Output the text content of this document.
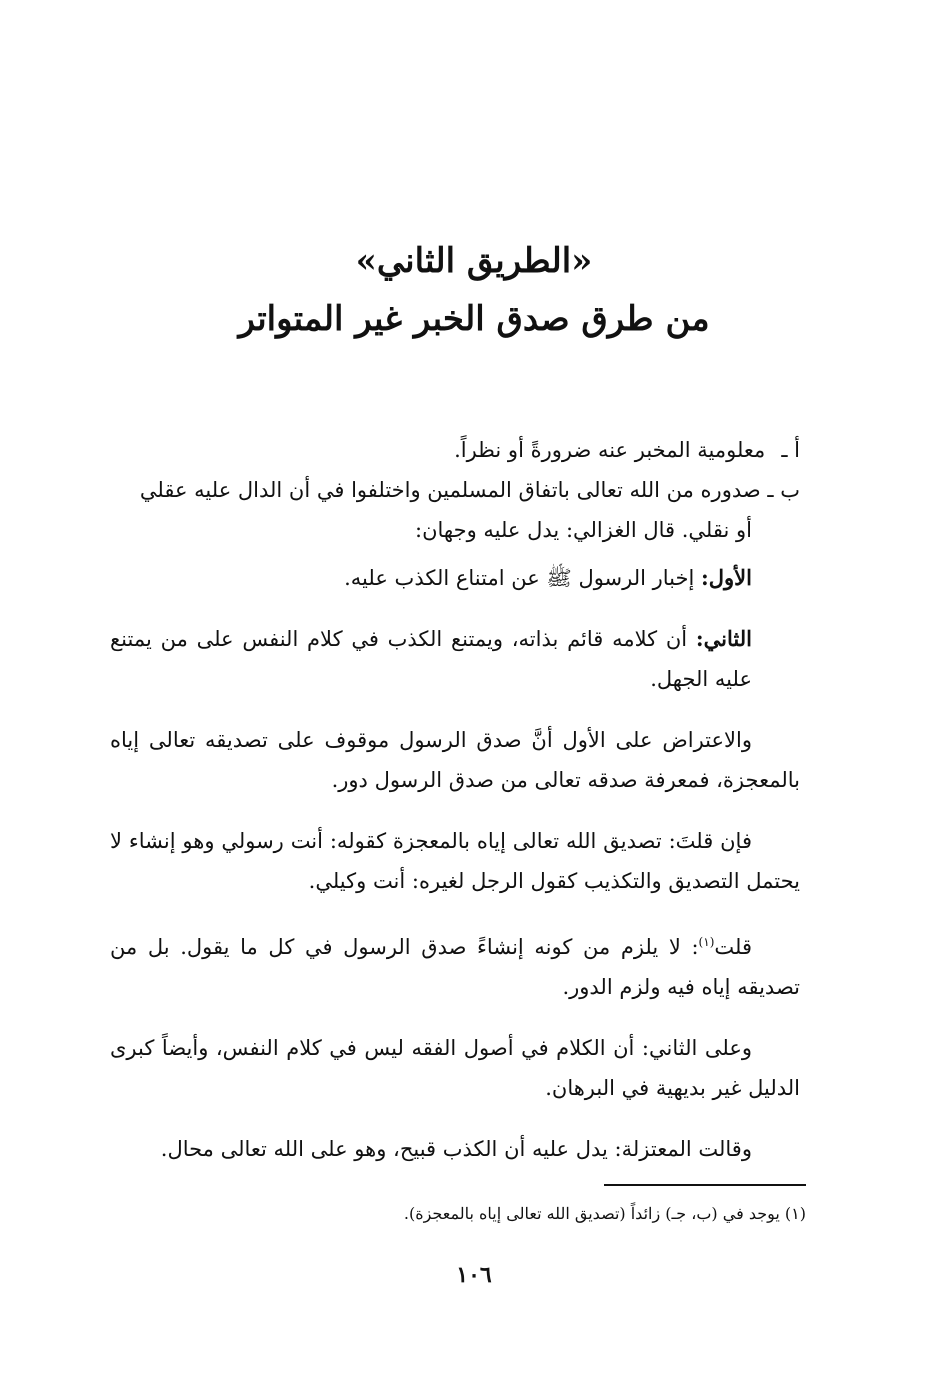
«الطريق الثاني»

من طرق صدق الخبر غير المتواتر

أ ـ معلومية المخبر عنه ضرورةً أو نظراً.

ب ـ صدوره من الله تعالى باتفاق المسلمين واختلفوا في أن الدال عليه عقلي

أو نقلي. قال الغزالي: يدل عليه وجهان:

الأول: إخبار الرسول ﷺ عن امتناع الكذب عليه.

الثاني: أن كلامه قائم بذاته، ويمتنع الكذب في كلام النفس على من يمتنع عليه الجهل.

والاعتراض على الأول أنَّ صدق الرسول موقوف على تصديقه تعالى إياه بالمعجزة، فمعرفة صدقه تعالى من صدق الرسول دور.

فإن قلتَ: تصديق الله تعالى إياه بالمعجزة كقوله: أنت رسولي وهو إنشاء لا يحتمل التصديق والتكذيب كقول الرجل لغيره: أنت وكيلي.

قلت$^{(١)}$: لا يلزم من كونه إنشاءً صدق الرسول في كل ما يقول. بل من تصديقه إياه فيه ولزم الدور.

وعلى الثاني: أن الكلام في أصول الفقه ليس في كلام النفس، وأيضاً كبرى الدليل غير بديهية في البرهان.

وقالت المعتزلة: يدل عليه أن الكذب قبيح، وهو على الله تعالى محال.

(١) يوجد في (ب، جـ) زائداً (تصديق الله تعالى إياه بالمعجزة).
١٠٦
